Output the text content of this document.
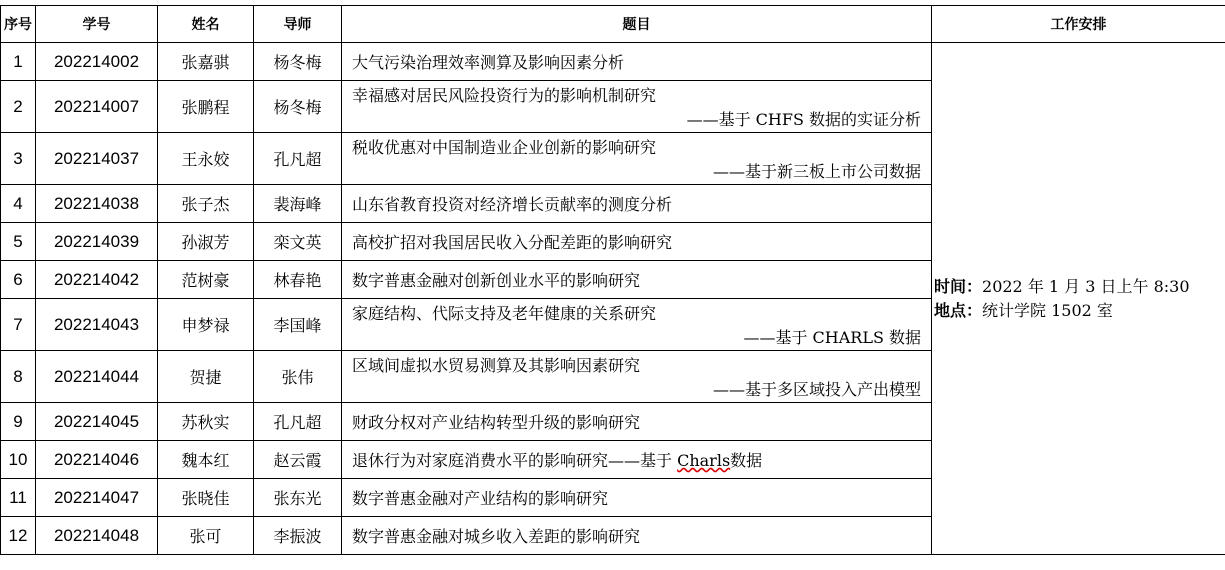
序号	学号	姓名	导师	题目	工作安排
1	202214002	张嘉骐	杨冬梅	大气污染治理效率测算及影响因素分析	时间：2022 年 1 月 3 日上午 8:30
地点：统计学院 1502 室

2	202214007	张鹏程	杨冬梅	幸福感对居民风险投资行为的影响机制研究
——基于 CHFS 数据的实证分析	

3	202214037	王永姣	孔凡超	税收优惠对中国制造业企业创新的影响研究
——基于新三板上市公司数据	

4	202214038	张子杰	裴海峰	山东省教育投资对经济增长贡献率的测度分析	
5	202214039	孙淑芳	栾文英	高校扩招对我国居民收入分配差距的影响研究	
6	202214042	范树豪	林春艳	数字普惠金融对创新创业水平的影响研究	
7	202214043	申梦禄	李国峰	家庭结构、代际支持及老年健康的关系研究
——基于 CHARLS 数据	

8	202214044	贺捷	张伟	区域间虚拟水贸易测算及其影响因素研究
——基于多区域投入产出模型	

9	202214045	苏秋实	孔凡超	财政分权对产业结构转型升级的影响研究	
10	202214046	魏本红	赵云霞	退休行为对家庭消费水平的影响研究——基于 Charls数据	
11	202214047	张晓佳	张东光	数字普惠金融对产业结构的影响研究	
12	202214048	张可	李振波	数字普惠金融对城乡收入差距的影响研究	
